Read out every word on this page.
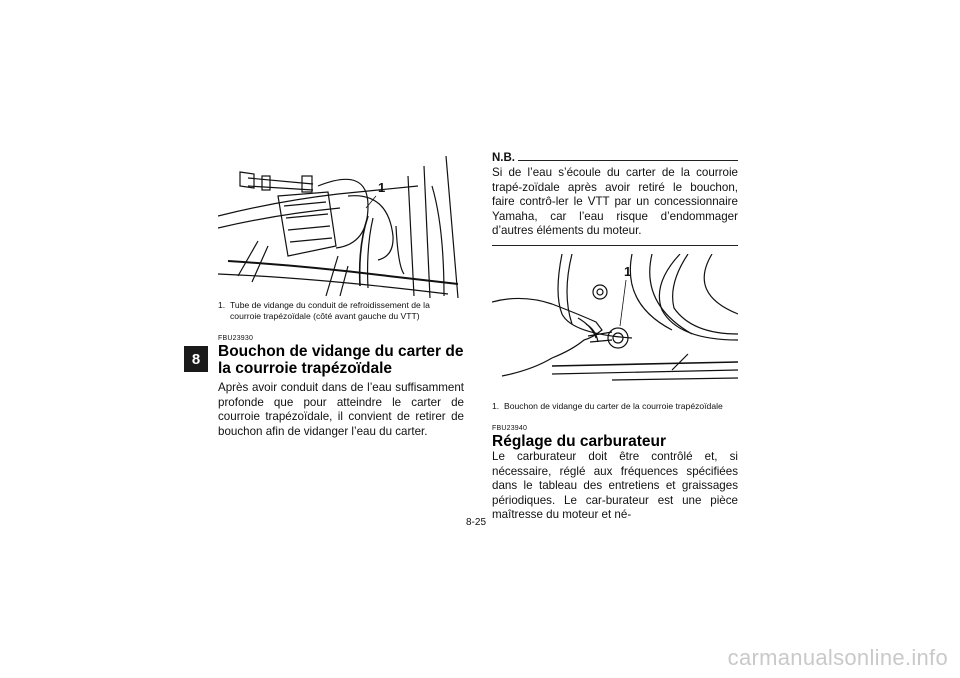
8
1
1. Tube de vidange du conduit de refroidissement de la courroie trapézoïdale (côté avant gauche du VTT)
FBU23930
Bouchon de vidange du carter de la courroie trapézoïdale
Après avoir conduit dans de l’eau suffisamment profonde que pour atteindre le carter de courroie trapézoïdale, il convient de retirer de bouchon afin de vidanger l’eau du carter.
N.B.
Si de l’eau s’écoule du carter de la courroie trapé-zoïdale après avoir retiré le bouchon, faire contrô-ler le VTT par un concessionnaire Yamaha, car l’eau risque d’endommager d’autres éléments du moteur.
1
1. Bouchon de vidange du carter de la courroie trapézoïdale
FBU23940
Réglage du carburateur
Le carburateur doit être contrôlé et, si nécessaire, réglé aux fréquences spécifiées dans le tableau des entretiens et graissages périodiques. Le car-burateur est une pièce maîtresse du moteur et né-
8-25
carmanualsonline.info
